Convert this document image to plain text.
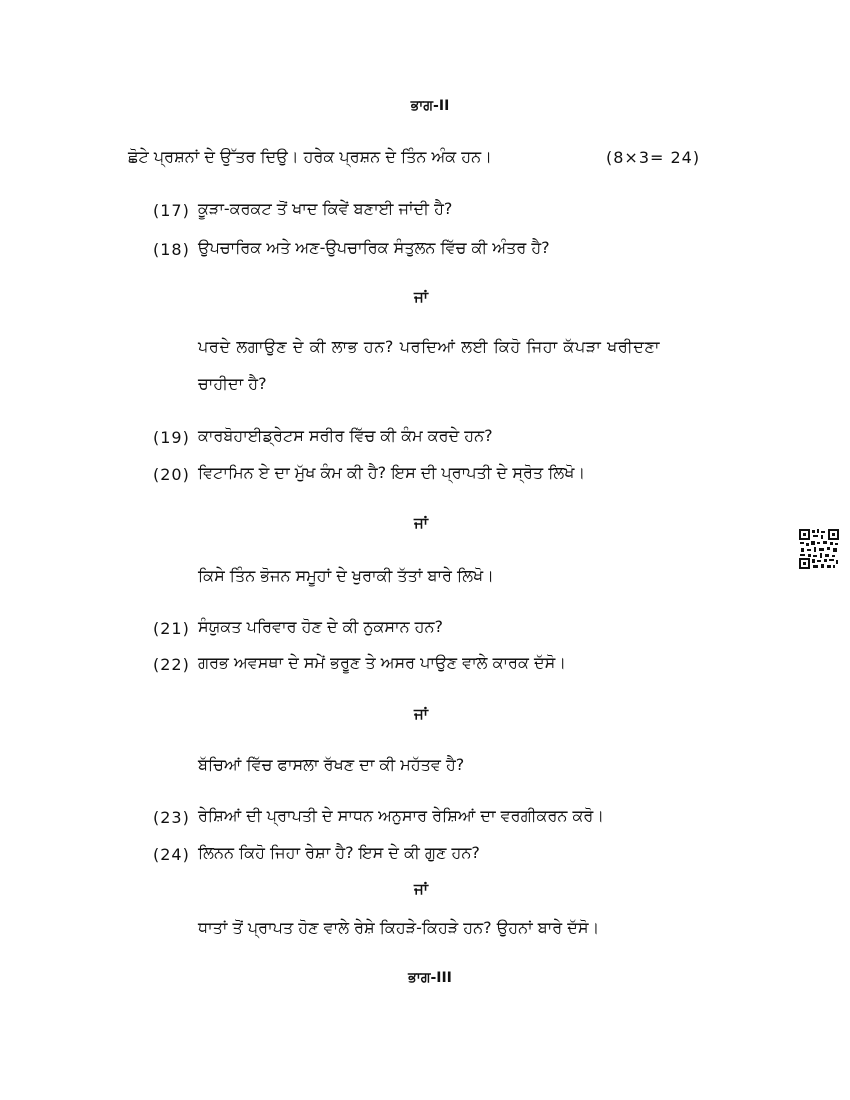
ਭਾਗ-II
ਛੋਟੇ ਪ੍ਰਸ਼ਨਾਂ ਦੇ ਉੱਤਰ ਦਿਉ। ਹਰੇਕ ਪ੍ਰਸ਼ਨ ਦੇ ਤਿੰਨ ਅੰਕ ਹਨ।	(8×3= 24)
(17) ਕੂੜਾ-ਕਰਕਟ ਤੋਂ ਖਾਦ ਕਿਵੇਂ ਬਣਾਈ ਜਾਂਦੀ ਹੈ?
(18) ਉਪਚਾਰਿਕ ਅਤੇ ਅਣ-ਉਪਚਾਰਿਕ ਸੰਤੁਲਨ ਵਿੱਚ ਕੀ ਅੰਤਰ ਹੈ?
ਜਾਂ
ਪਰਦੇ ਲਗਾਉਣ ਦੇ ਕੀ ਲਾਭ ਹਨ? ਪਰਦਿਆਂ ਲਈ ਕਿਹੋ ਜਿਹਾ ਕੱਪੜਾ ਖਰੀਦਣਾ
ਚਾਹੀਦਾ ਹੈ?
(19) ਕਾਰਬੋਹਾਈਡ੍ਰੇਟਸ ਸਰੀਰ ਵਿੱਚ ਕੀ ਕੰਮ ਕਰਦੇ ਹਨ?
(20) ਵਿਟਾਮਿਨ ਏ ਦਾ ਮੁੱਖ ਕੰਮ ਕੀ ਹੈ? ਇਸ ਦੀ ਪ੍ਰਾਪਤੀ ਦੇ ਸ੍ਰੋਤ ਲਿਖੋ।
ਜਾਂ
ਕਿਸੇ ਤਿੰਨ ਭੋਜਨ ਸਮੂਹਾਂ ਦੇ ਖੁਰਾਕੀ ਤੱਤਾਂ ਬਾਰੇ ਲਿਖੋ।
(21) ਸੰਯੁਕਤ ਪਰਿਵਾਰ ਹੋਣ ਦੇ ਕੀ ਨੁਕਸਾਨ ਹਨ?
(22) ਗਰਭ ਅਵਸਥਾ ਦੇ ਸਮੇਂ ਭਰੂਣ ਤੇ ਅਸਰ ਪਾਉਣ ਵਾਲੇ ਕਾਰਕ ਦੱਸੋ।
ਜਾਂ
ਬੱਚਿਆਂ ਵਿੱਚ ਫਾਸਲਾ ਰੱਖਣ ਦਾ ਕੀ ਮਹੱਤਵ ਹੈ?
(23) ਰੇਸ਼ਿਆਂ ਦੀ ਪ੍ਰਾਪਤੀ ਦੇ ਸਾਧਨ ਅਨੁਸਾਰ ਰੇਸ਼ਿਆਂ ਦਾ ਵਰਗੀਕਰਨ ਕਰੋ।
(24) ਲਿਨਨ ਕਿਹੋ ਜਿਹਾ ਰੇਸ਼ਾ ਹੈ? ਇਸ ਦੇ ਕੀ ਗੁਣ ਹਨ?
ਜਾਂ
ਧਾਤਾਂ ਤੋਂ ਪ੍ਰਾਪਤ ਹੋਣ ਵਾਲੇ ਰੇਸ਼ੇ ਕਿਹੜੇ-ਕਿਹੜੇ ਹਨ? ਉਹਨਾਂ ਬਾਰੇ ਦੱਸੋ।
ਭਾਗ-III
